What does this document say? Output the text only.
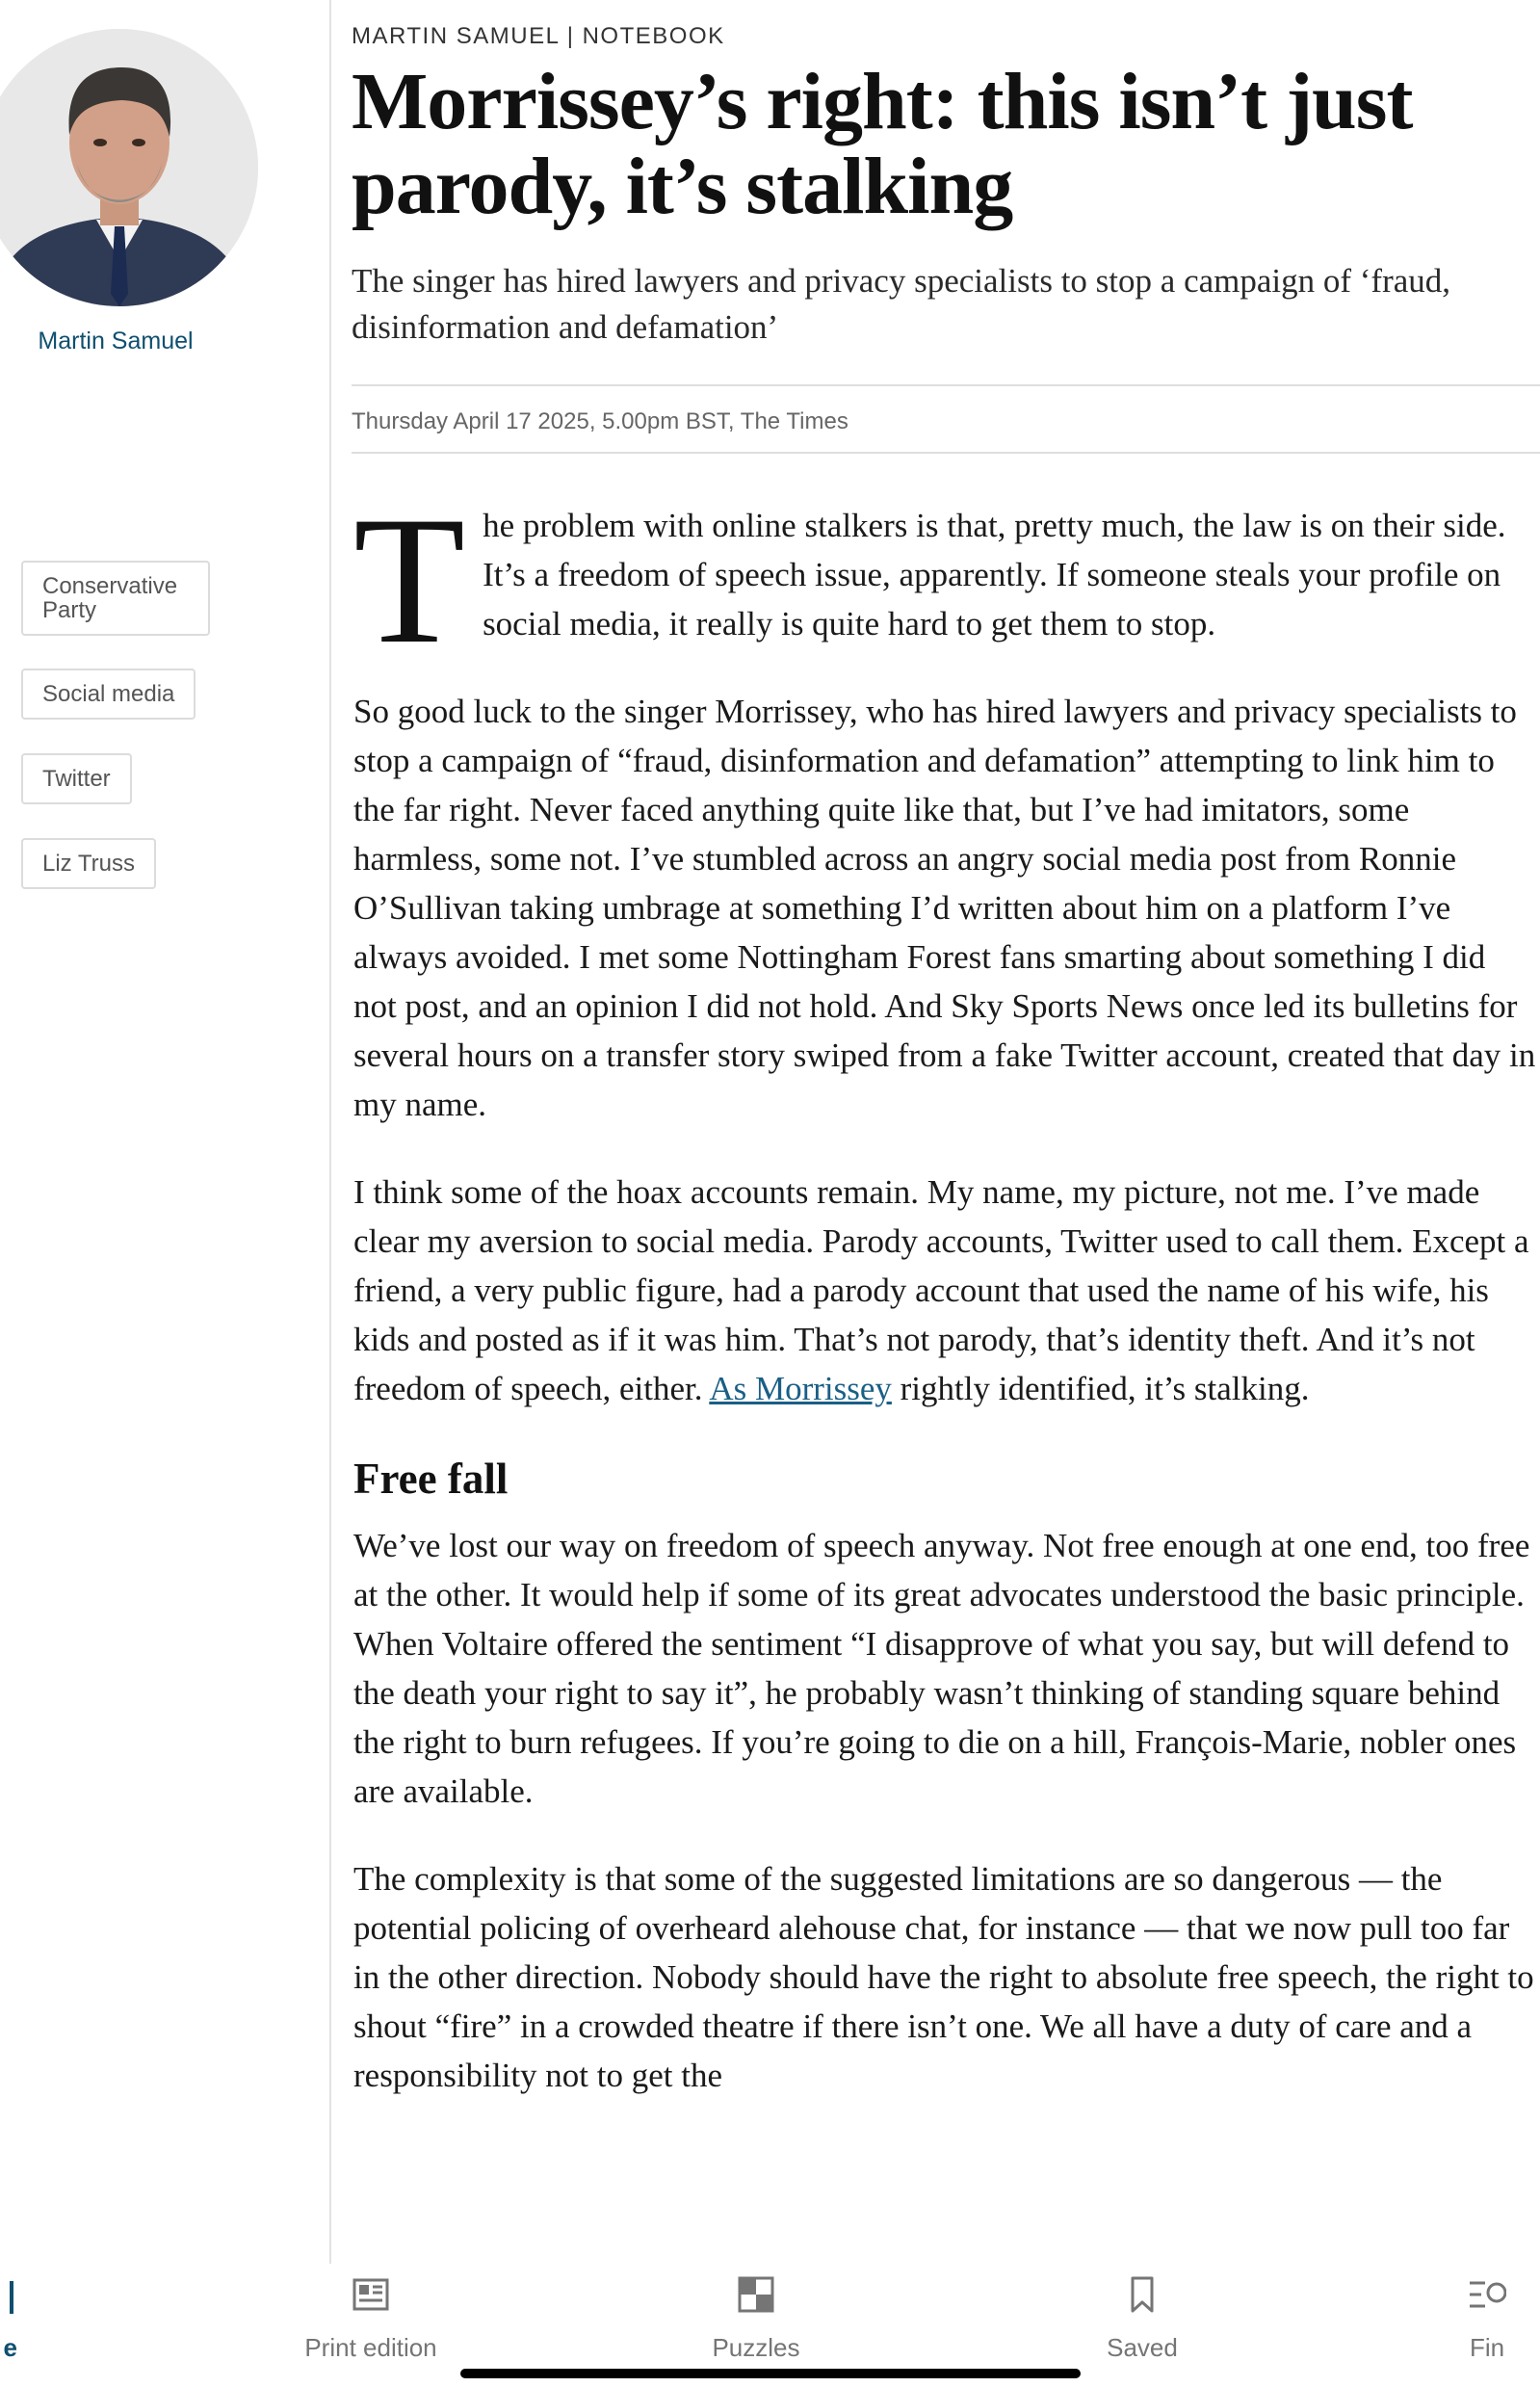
Martin Samuel
Conservative Party
Social media
Twitter
Liz Truss
MARTIN SAMUEL | NOTEBOOK
Morrissey’s right: this isn’t just parody, it’s stalking

The singer has hired lawyers and privacy specialists to stop a campaign of ‘fraud, disinformation and defamation’

Thursday April 17 2025, 5.00pm BST, The Times

The problem with online stalkers is that, pretty much, the law is on their side. It’s a freedom of speech issue, apparently. If someone steals your profile on social media, it really is quite hard to get them to stop.

So good luck to the singer Morrissey, who has hired lawyers and privacy specialists to stop a campaign of “fraud, disinformation and defamation” attempting to link him to the far right. Never faced anything quite like that, but I’ve had imitators, some harmless, some not. I’ve stumbled across an angry social media post from Ronnie O’Sullivan taking umbrage at something I’d written about him on a platform I’ve always avoided. I met some Nottingham Forest fans smarting about something I did not post, and an opinion I did not hold. And Sky Sports News once led its bulletins for several hours on a transfer story swiped from a fake Twitter account, created that day in my name.

I think some of the hoax accounts remain. My name, my picture, not me. I’ve made clear my aversion to social media. Parody accounts, Twitter used to call them. Except a friend, a very public figure, had a parody account that used the name of his wife, his kids and posted as if it was him. That’s not parody, that’s identity theft. And it’s not freedom of speech, either. As Morrissey rightly identified, it’s stalking.

Free fall

We’ve lost our way on freedom of speech anyway. Not free enough at one end, too free at the other. It would help if some of its great advocates understood the basic principle. When Voltaire offered the sentiment “I disapprove of what you say, but will defend to the death your right to say it”, he probably wasn’t thinking of standing square behind the right to burn refugees. If you’re going to die on a hill, François-Marie, nobler ones are available.

The complexity is that some of the suggested limitations are so dangerous — the potential policing of overheard alehouse chat, for instance — that we now pull too far in the other direction. Nobody should have the right to absolute free speech, the right to shout “fire” in a crowded theatre if there isn’t one. We all have a duty of care and a responsibility not to get the

e	Print edition	Puzzles	Saved	Fin
